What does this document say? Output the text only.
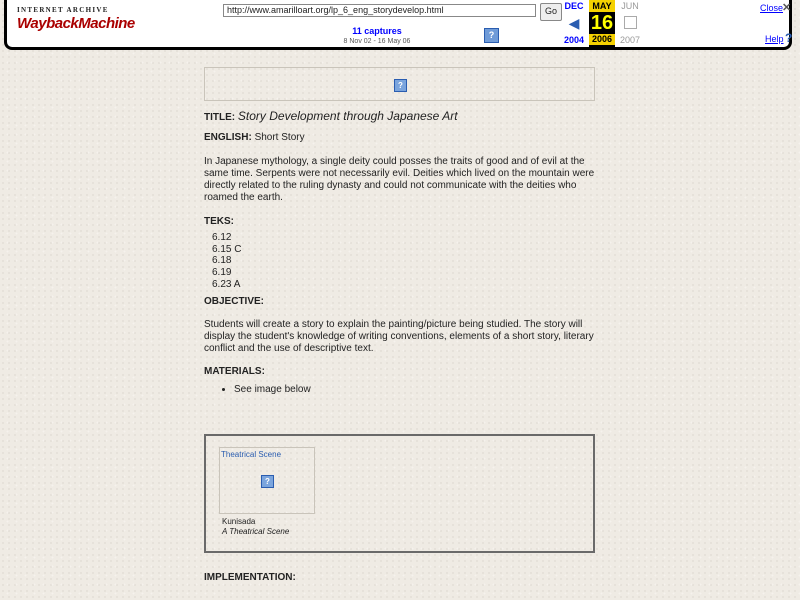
INTERNET ARCHIVE
WaybackMachine
http://www.amarilloart.org/lp_6_eng_storydevelop.html
Go
11 captures
8 Nov 02 - 16 May 06
?
DEC
◀
2004
MAY
16
2006
JUN
2007
Close
✕
Help ?
?
TITLE: Story Development through Japanese Art
ENGLISH: Short Story

In Japanese mythology, a single deity could posses the traits of good and of evil at the same time. Serpents were not necessarily evil. Deities which lived on the mountain were directly related to the ruling dynasty and could not communicate with the deities who roamed the earth.

TEKS:
6.12
6.15 C
6.18
6.19
6.23 A
OBJECTIVE:

Students will create a story to explain the painting/picture being studied. The story will display the student's knowledge of writing conventions, elements of a short story, literary conflict and the use of descriptive text.

MATERIALS:
• See image below
Theatrical Scene
?
Kunisada
A Theatrical Scene
IMPLEMENTATION:
